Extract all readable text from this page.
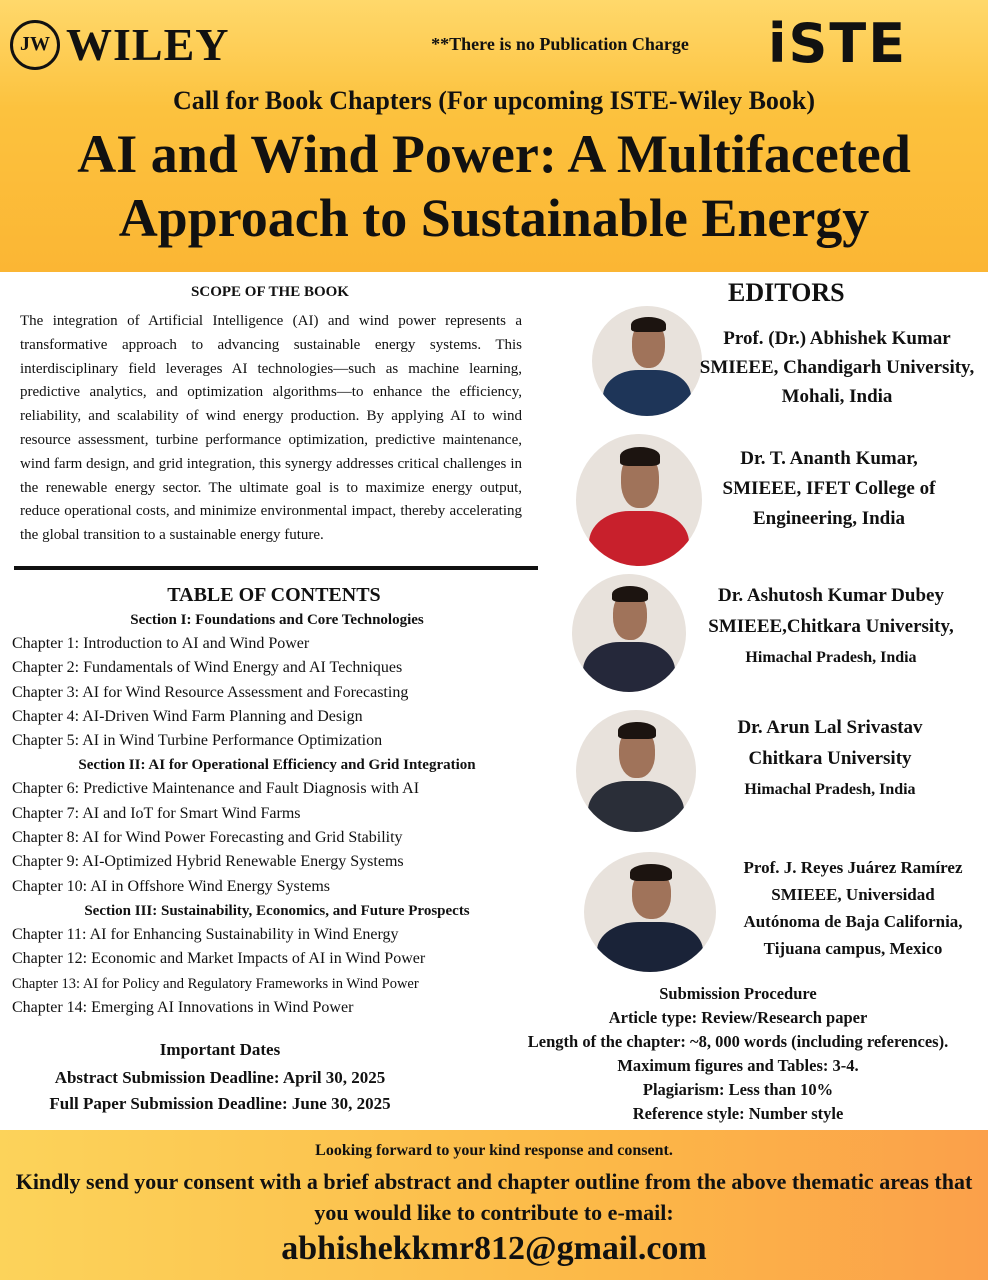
JW WILEY	**There is no Publication Charge	iSTE
Call for Book Chapters (For upcoming ISTE-Wiley Book)
AI and Wind Power: A Multifaceted
Approach to Sustainable Energy
SCOPE OF THE BOOK
The integration of Artificial Intelligence (AI) and wind power represents a transformative approach to advancing sustainable energy systems. This interdisciplinary field leverages AI technologies—such as machine learning, predictive analytics, and optimization algorithms—to enhance the efficiency, reliability, and scalability of wind energy production. By applying AI to wind resource assessment, turbine performance optimization, predictive maintenance, wind farm design, and grid integration, this synergy addresses critical challenges in the renewable energy sector. The ultimate goal is to maximize energy output, reduce operational costs, and minimize environmental impact, thereby accelerating the global transition to a sustainable energy future.
TABLE OF CONTENTS
Section I: Foundations and Core Technologies
Chapter 1: Introduction to AI and Wind Power
Chapter 2: Fundamentals of Wind Energy and AI Techniques
Chapter 3: AI for Wind Resource Assessment and Forecasting
Chapter 4: AI-Driven Wind Farm Planning and Design
Chapter 5: AI in Wind Turbine Performance Optimization
Section II: AI for Operational Efficiency and Grid Integration
Chapter 6: Predictive Maintenance and Fault Diagnosis with AI
Chapter 7: AI and IoT for Smart Wind Farms
Chapter 8: AI for Wind Power Forecasting and Grid Stability
Chapter 9: AI-Optimized Hybrid Renewable Energy Systems
Chapter 10: AI in Offshore Wind Energy Systems
Section III: Sustainability, Economics, and Future Prospects
Chapter 11: AI for Enhancing Sustainability in Wind Energy
Chapter 12: Economic and Market Impacts of AI in Wind Power
Chapter 13: AI for Policy and Regulatory Frameworks in Wind Power
Chapter 14: Emerging AI Innovations in Wind Power
Important Dates
Abstract Submission Deadline: April 30, 2025
Full Paper Submission Deadline: June 30, 2025
EDITORS
Prof. (Dr.) Abhishek Kumar
SMIEEE, Chandigarh University,
Mohali, India
Dr. T. Ananth Kumar,
SMIEEE, IFET College of
Engineering, India
Dr. Ashutosh Kumar Dubey
SMIEEE,Chitkara University,
Himachal Pradesh, India
Dr. Arun Lal Srivastav
Chitkara University
Himachal Pradesh, India
Prof. J. Reyes Juárez Ramírez
SMIEEE, Universidad
Autónoma de Baja California,
Tijuana campus, Mexico
Submission Procedure
Article type: Review/Research paper
Length of the chapter: ~8, 000 words (including references).
Maximum figures and Tables: 3-4.
Plagiarism: Less than 10%
Reference style: Number style
Looking forward to your kind response and consent.
Kindly send your consent with a brief abstract and chapter outline from the above thematic areas that you would like to contribute to e-mail:
abhishekkmr812@gmail.com
